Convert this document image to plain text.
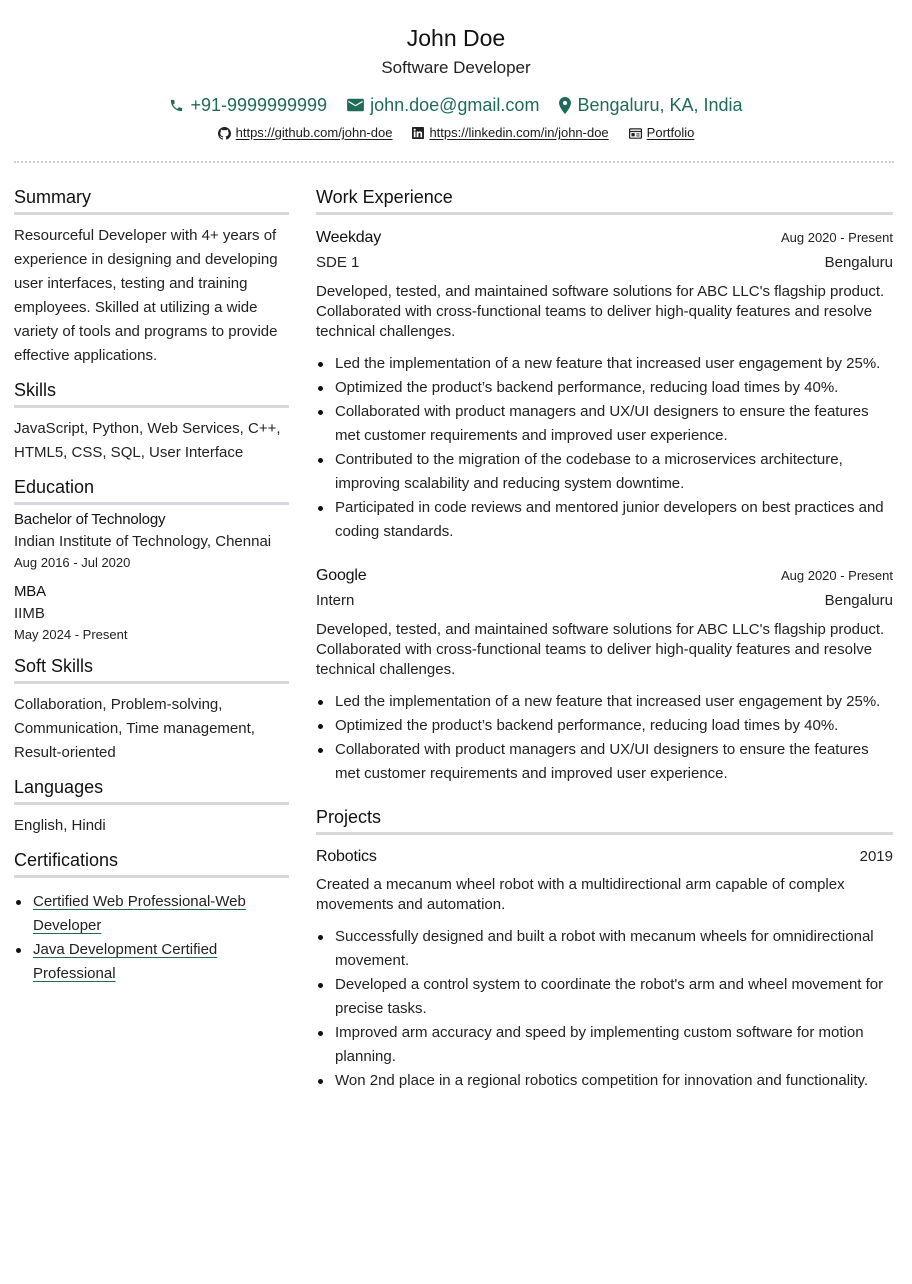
John Doe
Software Developer
+91-9999999999 john.doe@gmail.com Bengaluru, KA, India
https://github.com/john-doe	https://linkedin.com/in/john-doe	Portfolio
Summary
Resourceful Developer with 4+ years of experience in designing and developing user interfaces, testing and training employees. Skilled at utilizing a wide variety of tools and programs to provide effective applications.
Skills
JavaScript, Python, Web Services, C++, HTML5, CSS, SQL, User Interface
Education
Bachelor of Technology
Indian Institute of Technology, Chennai
Aug 2016 - Jul 2020
MBA
IIMB
May 2024 - Present
Soft Skills
Collaboration, Problem-solving, Communication, Time management, Result-oriented
Languages
English, Hindi
Certifications
Certified Web Professional-Web Developer
Java Development Certified Professional
Work Experience
Weekday	Aug 2020 - Present
SDE 1	Bengaluru
Developed, tested, and maintained software solutions for ABC LLC's flagship product. Collaborated with cross-functional teams to deliver high-quality features and resolve technical challenges.
Led the implementation of a new feature that increased user engagement by 25%.
Optimized the product’s backend performance, reducing load times by 40%.
Collaborated with product managers and UX/UI designers to ensure the features met customer requirements and improved user experience.
Contributed to the migration of the codebase to a microservices architecture, improving scalability and reducing system downtime.
Participated in code reviews and mentored junior developers on best practices and coding standards.
Google	Aug 2020 - Present
Intern	Bengaluru
Developed, tested, and maintained software solutions for ABC LLC's flagship product. Collaborated with cross-functional teams to deliver high-quality features and resolve technical challenges.
Led the implementation of a new feature that increased user engagement by 25%.
Optimized the product’s backend performance, reducing load times by 40%.
Collaborated with product managers and UX/UI designers to ensure the features met customer requirements and improved user experience.
Projects
Robotics	2019
Created a mecanum wheel robot with a multidirectional arm capable of complex movements and automation.
Successfully designed and built a robot with mecanum wheels for omnidirectional movement.
Developed a control system to coordinate the robot's arm and wheel movement for precise tasks.
Improved arm accuracy and speed by implementing custom software for motion planning.
Won 2nd place in a regional robotics competition for innovation and functionality.
